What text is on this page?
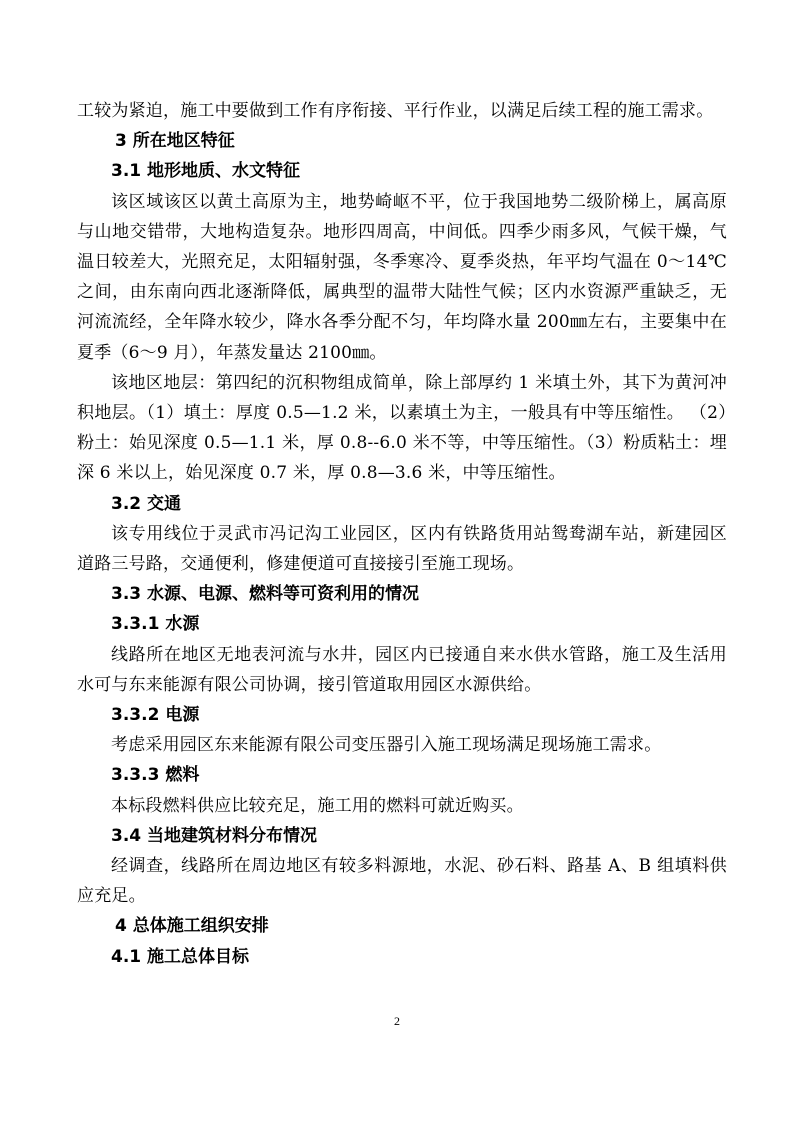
工较为紧迫，施工中要做到工作有序衔接、平行作业，以满足后续工程的施工需求。
3 所在地区特征
3.1 地形地质、水文特征
该区域该区以黄土高原为主，地势崎岖不平，位于我国地势二级阶梯上，属高原与山地交错带，大地构造复杂。地形四周高，中间低。四季少雨多风，气候干燥，气温日较差大，光照充足，太阳辐射强，冬季寒冷、夏季炎热，年平均气温在 0～14℃之间，由东南向西北逐渐降低，属典型的温带大陆性气候；区内水资源严重缺乏，无河流流经，全年降水较少，降水各季分配不匀，年均降水量 200㎜左右，主要集中在夏季（6～9 月），年蒸发量达 2100㎜。
该地区地层：第四纪的沉积物组成简单，除上部厚约 1 米填土外，其下为黄河冲积地层。（1）填土：厚度 0.5—1.2 米，以素填土为主，一般具有中等压缩性。 （2）粉土：始见深度 0.5—1.1 米，厚 0.8--6.0 米不等，中等压缩性。（3）粉质粘土：埋深 6 米以上，始见深度 0.7 米，厚 0.8—3.6 米，中等压缩性。
3.2 交通
该专用线位于灵武市冯记沟工业园区，区内有铁路货用站鸳鸯湖车站，新建园区道路三号路，交通便利，修建便道可直接接引至施工现场。
3.3 水源、电源、燃料等可资利用的情况
3.3.1 水源
线路所在地区无地表河流与水井，园区内已接通自来水供水管路，施工及生活用水可与东来能源有限公司协调，接引管道取用园区水源供给。
3.3.2 电源
考虑采用园区东来能源有限公司变压器引入施工现场满足现场施工需求。
3.3.3 燃料
本标段燃料供应比较充足，施工用的燃料可就近购买。
3.4 当地建筑材料分布情况
经调查，线路所在周边地区有较多料源地，水泥、砂石料、路基 A、B 组填料供应充足。
4 总体施工组织安排
4.1 施工总体目标
2
